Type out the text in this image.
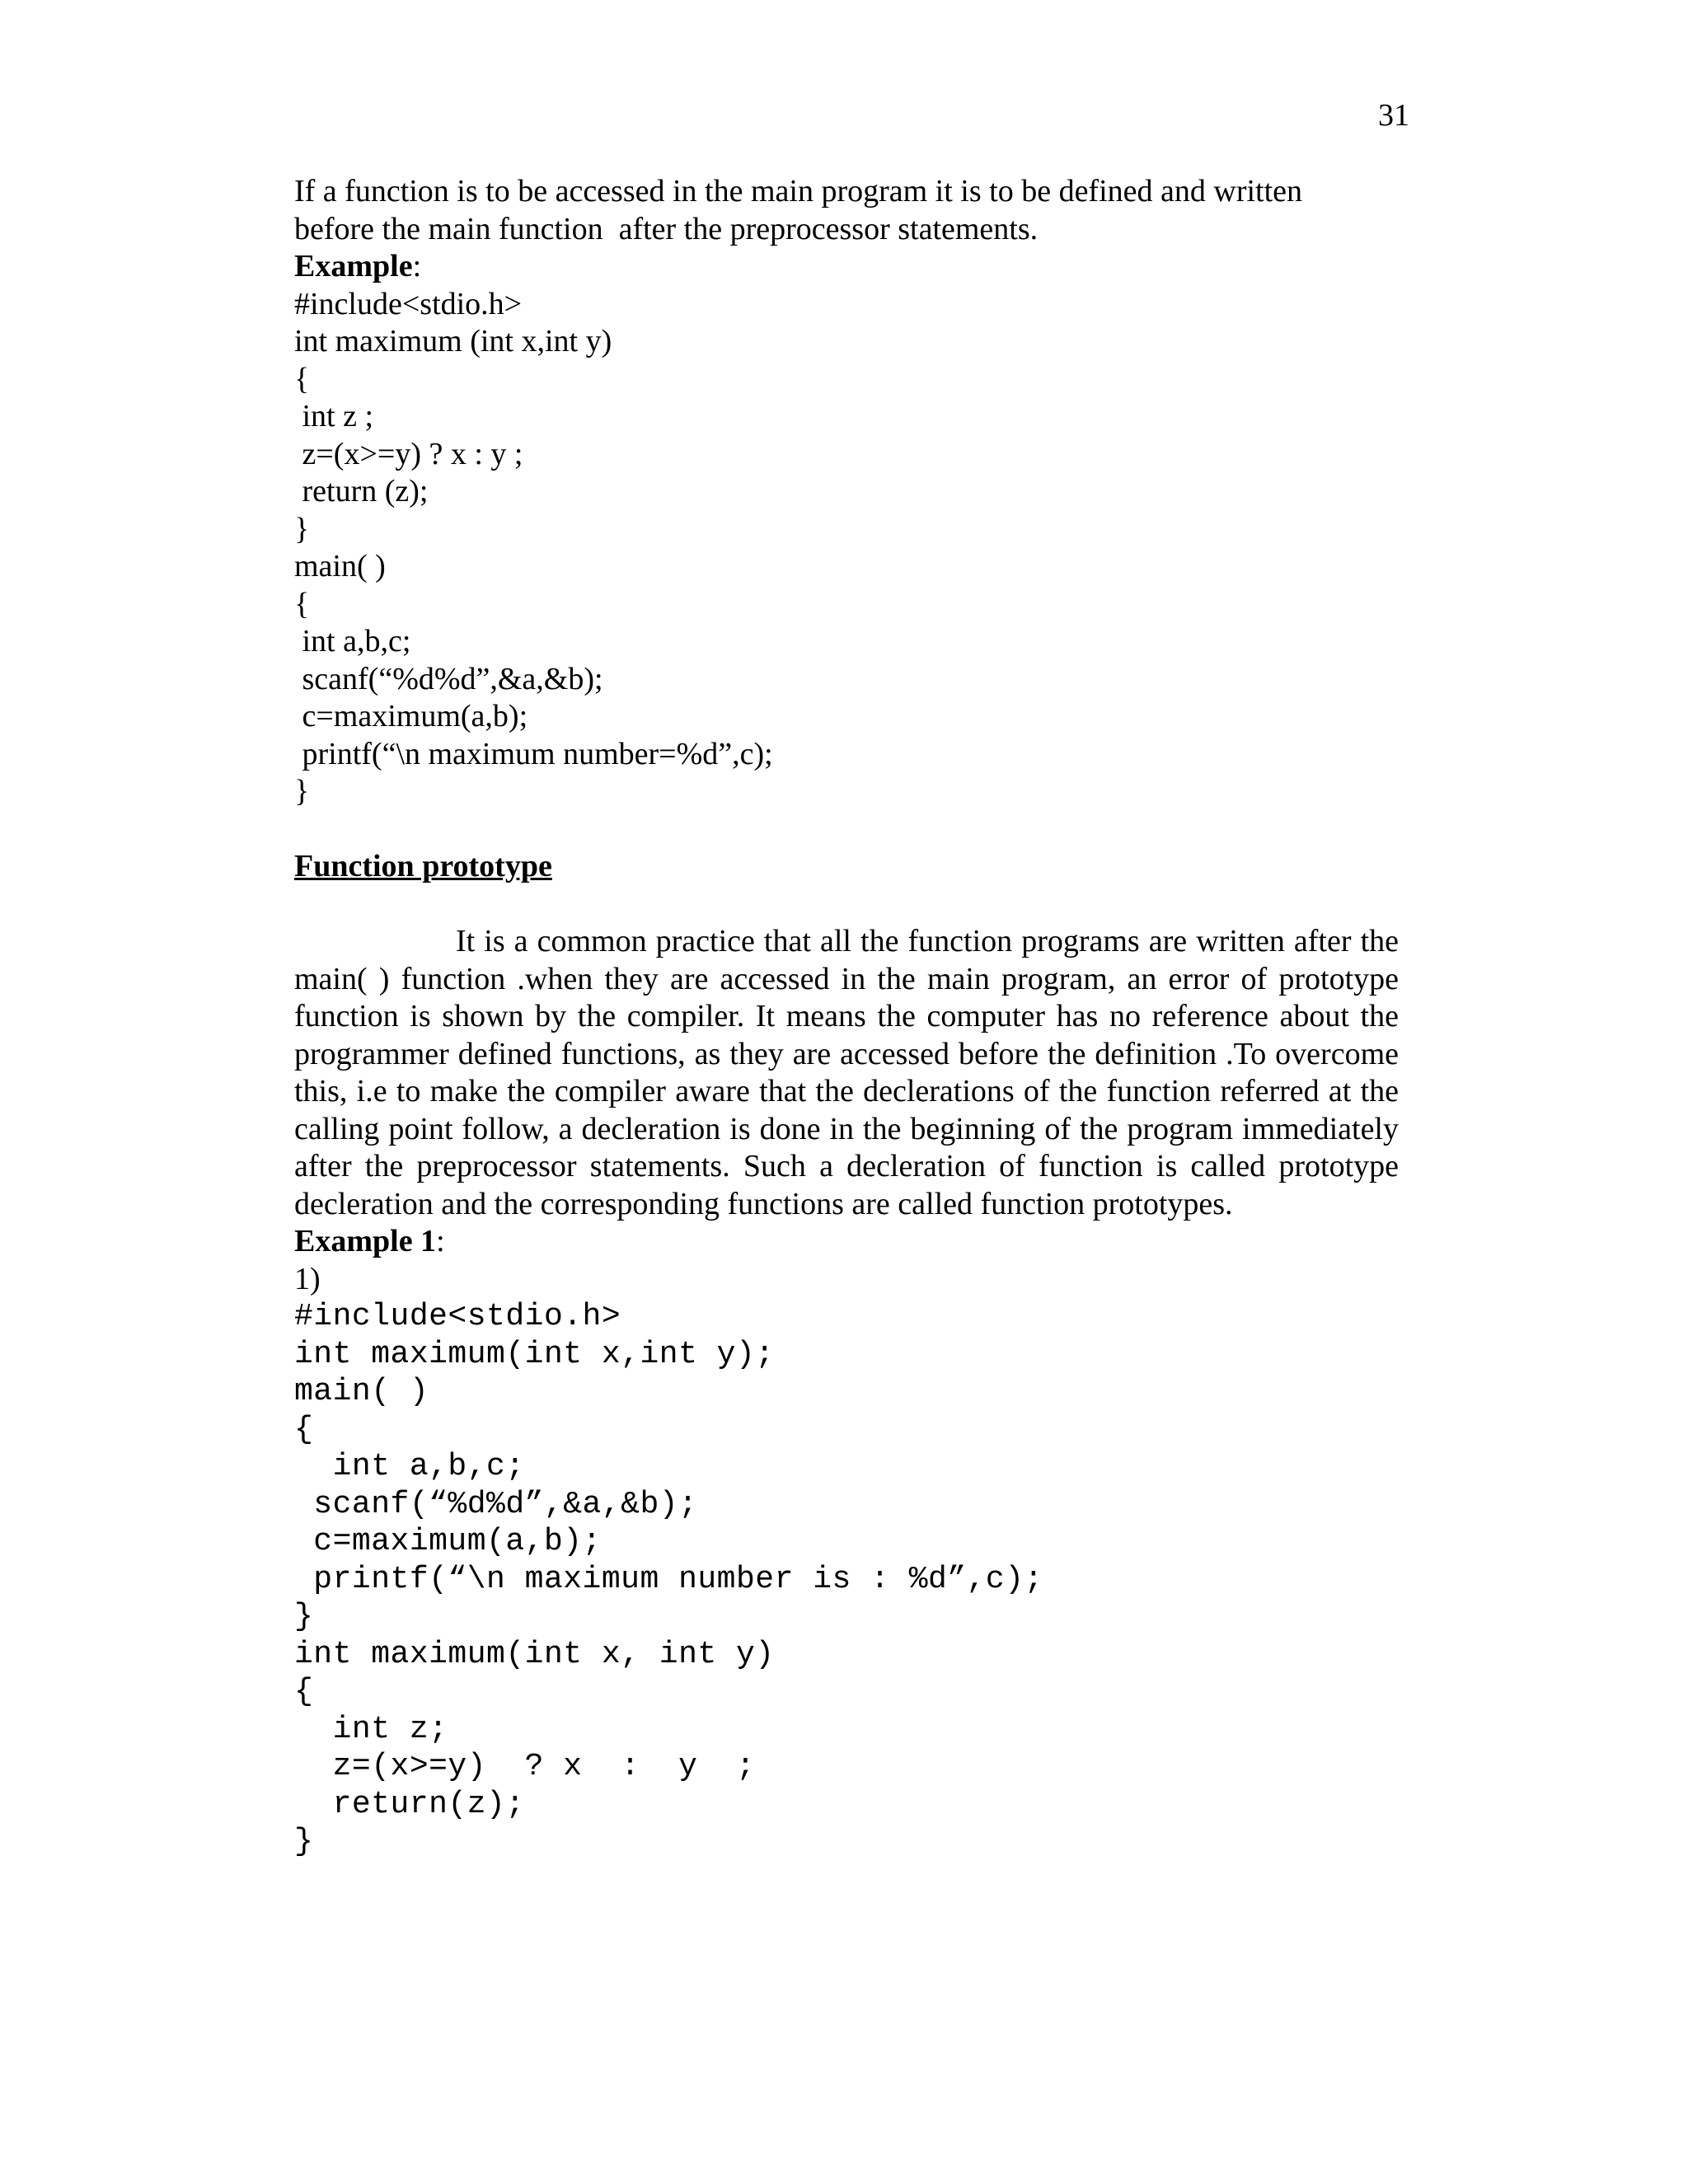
31
If a function is to be accessed in the main program it is to be defined and written
before the main function  after the preprocessor statements.
Example:
#include<stdio.h>
int maximum (int x,int y)
{
int z ;
z=(x>=y) ? x : y ;
return (z);
}
main( )
{
int a,b,c;
scanf(“%d%d”,&a,&b);
c=maximum(a,b);
printf(“\n maximum number=%d”,c);
}
Function prototype
It is a common practice that all the function programs are written after the main( ) function .when they are accessed in the main program, an error of prototype function is shown by the compiler. It means the computer has no reference about the programmer defined functions, as they are accessed before the definition .To overcome this, i.e to make the compiler aware that the declerations of the function referred at the calling point follow, a decleration is done in the beginning of the program immediately after the preprocessor statements. Such a decleration of function is called prototype decleration and the corresponding functions are called function prototypes.
Example 1:
1)
#include<stdio.h>
int maximum(int x,int y);
main( )
{
int a,b,c;
scanf(“%d%d”,&a,&b);
c=maximum(a,b);
printf(“\n maximum number is : %d”,c);
}
int maximum(int x, int y)
{
int z;
z=(x>=y)  ? x  :  y  ;
return(z);
}
